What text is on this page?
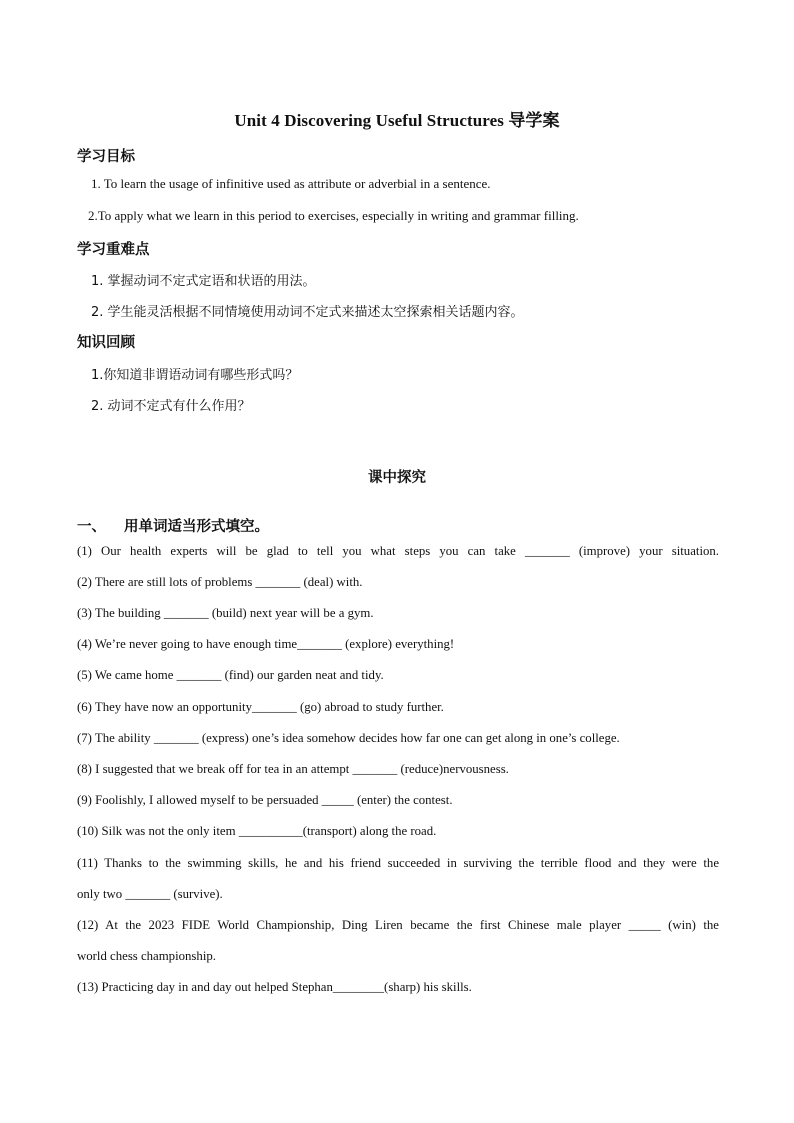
Unit 4 Discovering Useful Structures 导学案
学习目标
1. To learn the usage of infinitive used as attribute or adverbial in a sentence.
2.To apply what we learn in this period to exercises, especially in writing and grammar filling.
学习重难点
1. 掌握动词不定式定语和状语的用法。
2. 学生能灵活根据不同情境使用动词不定式来描述太空探索相关话题内容。
知识回顾
1.你知道非谓语动词有哪些形式吗？
2. 动词不定式有什么作用？
课中探究
一、 用单词适当形式填空。
(1) Our health experts will be glad to tell you what steps you can take _______ (improve) your situation.
(2) There are still lots of problems _______ (deal) with.
(3) The building _______ (build) next year will be a gym.
(4) We’re never going to have enough time_______ (explore) everything!
(5) We came home _______ (find) our garden neat and tidy.
(6) They have now an opportunity_______ (go) abroad to study further.
(7) The ability _______ (express) one’s idea somehow decides how far one can get along in one’s college.
(8) I suggested that we break off for tea in an attempt _______ (reduce)nervousness.
(9) Foolishly, I allowed myself to be persuaded _____ (enter) the contest.
(10) Silk was not the only item __________(transport) along the road.
(11) Thanks to the swimming skills, he and his friend succeeded in surviving the terrible flood and they were the
only two _______ (survive).
(12) At the 2023 FIDE World Championship, Ding Liren became the first Chinese male player _____ (win) the
world chess championship.
(13) Practicing day in and day out helped Stephan________(sharp) his skills.
